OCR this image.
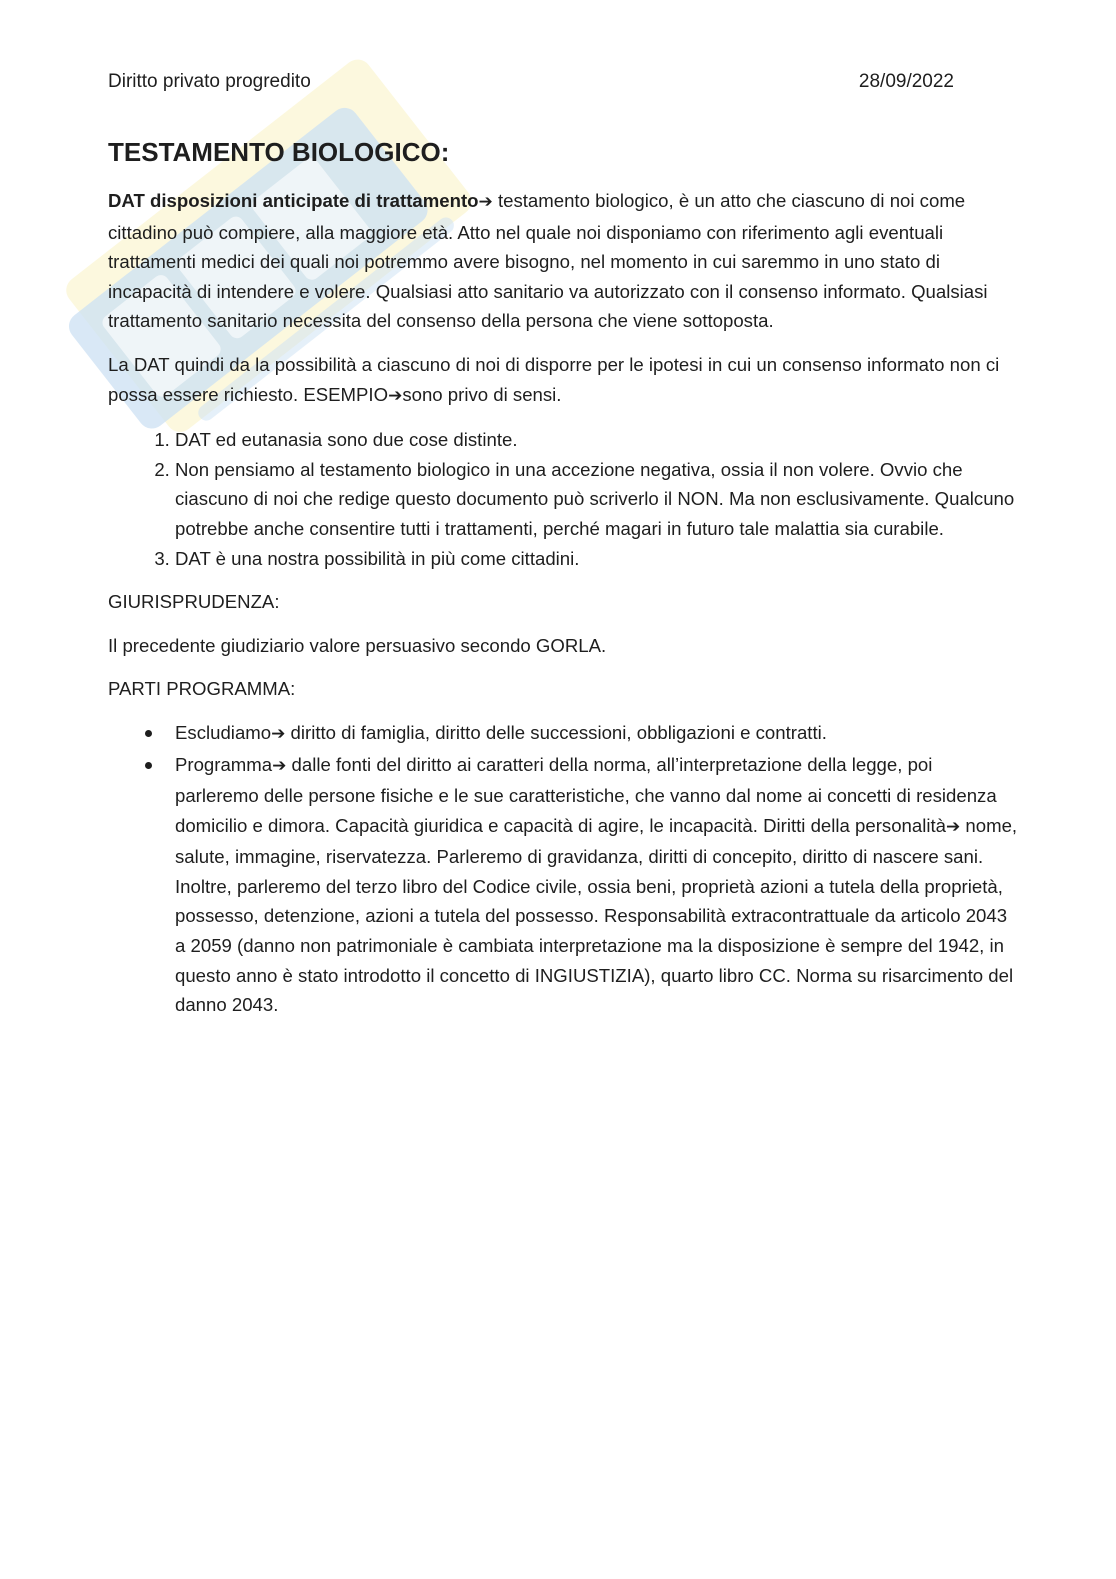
Diritto privato progredito	28/09/2022
TESTAMENTO BIOLOGICO:

DAT disposizioni anticipate di trattamento➔ testamento biologico, è un atto che ciascuno di noi come cittadino può compiere, alla maggiore età. Atto nel quale noi disponiamo con riferimento agli eventuali trattamenti medici dei quali noi potremmo avere bisogno, nel momento in cui saremmo in uno stato di incapacità di intendere e volere. Qualsiasi atto sanitario va autorizzato con il consenso informato. Qualsiasi trattamento sanitario necessita del consenso della persona che viene sottoposta.

La DAT quindi da la possibilità a ciascuno di noi di disporre per le ipotesi in cui un consenso informato non ci possa essere richiesto. ESEMPIO➔sono privo di sensi.

1. DAT ed eutanasia sono due cose distinte.
2. Non pensiamo al testamento biologico in una accezione negativa, ossia il non volere. Ovvio che ciascuno di noi che redige questo documento può scriverlo il NON. Ma non esclusivamente. Qualcuno potrebbe anche consentire tutti i trattamenti, perché magari in futuro tale malattia sia curabile.
3. DAT è una nostra possibilità in più come cittadini.

GIURISPRUDENZA:

Il precedente giudiziario valore persuasivo secondo GORLA.

PARTI PROGRAMMA:

Escludiamo➔ diritto di famiglia, diritto delle successioni, obbligazioni e contratti.
Programma➔ dalle fonti del diritto ai caratteri della norma, all’interpretazione della legge, poi parleremo delle persone fisiche e le sue caratteristiche, che vanno dal nome ai concetti di residenza domicilio e dimora. Capacità giuridica e capacità di agire, le incapacità. Diritti della personalità➔ nome, salute, immagine, riservatezza. Parleremo di gravidanza, diritti di concepito, diritto di nascere sani. Inoltre, parleremo del terzo libro del Codice civile, ossia beni, proprietà azioni a tutela della proprietà, possesso, detenzione, azioni a tutela del possesso. Responsabilità extracontrattuale da articolo 2043 a 2059 (danno non patrimoniale è cambiata interpretazione ma la disposizione è sempre del 1942, in questo anno è stato introdotto il concetto di INGIUSTIZIA), quarto libro CC. Norma su risarcimento del danno 2043.
